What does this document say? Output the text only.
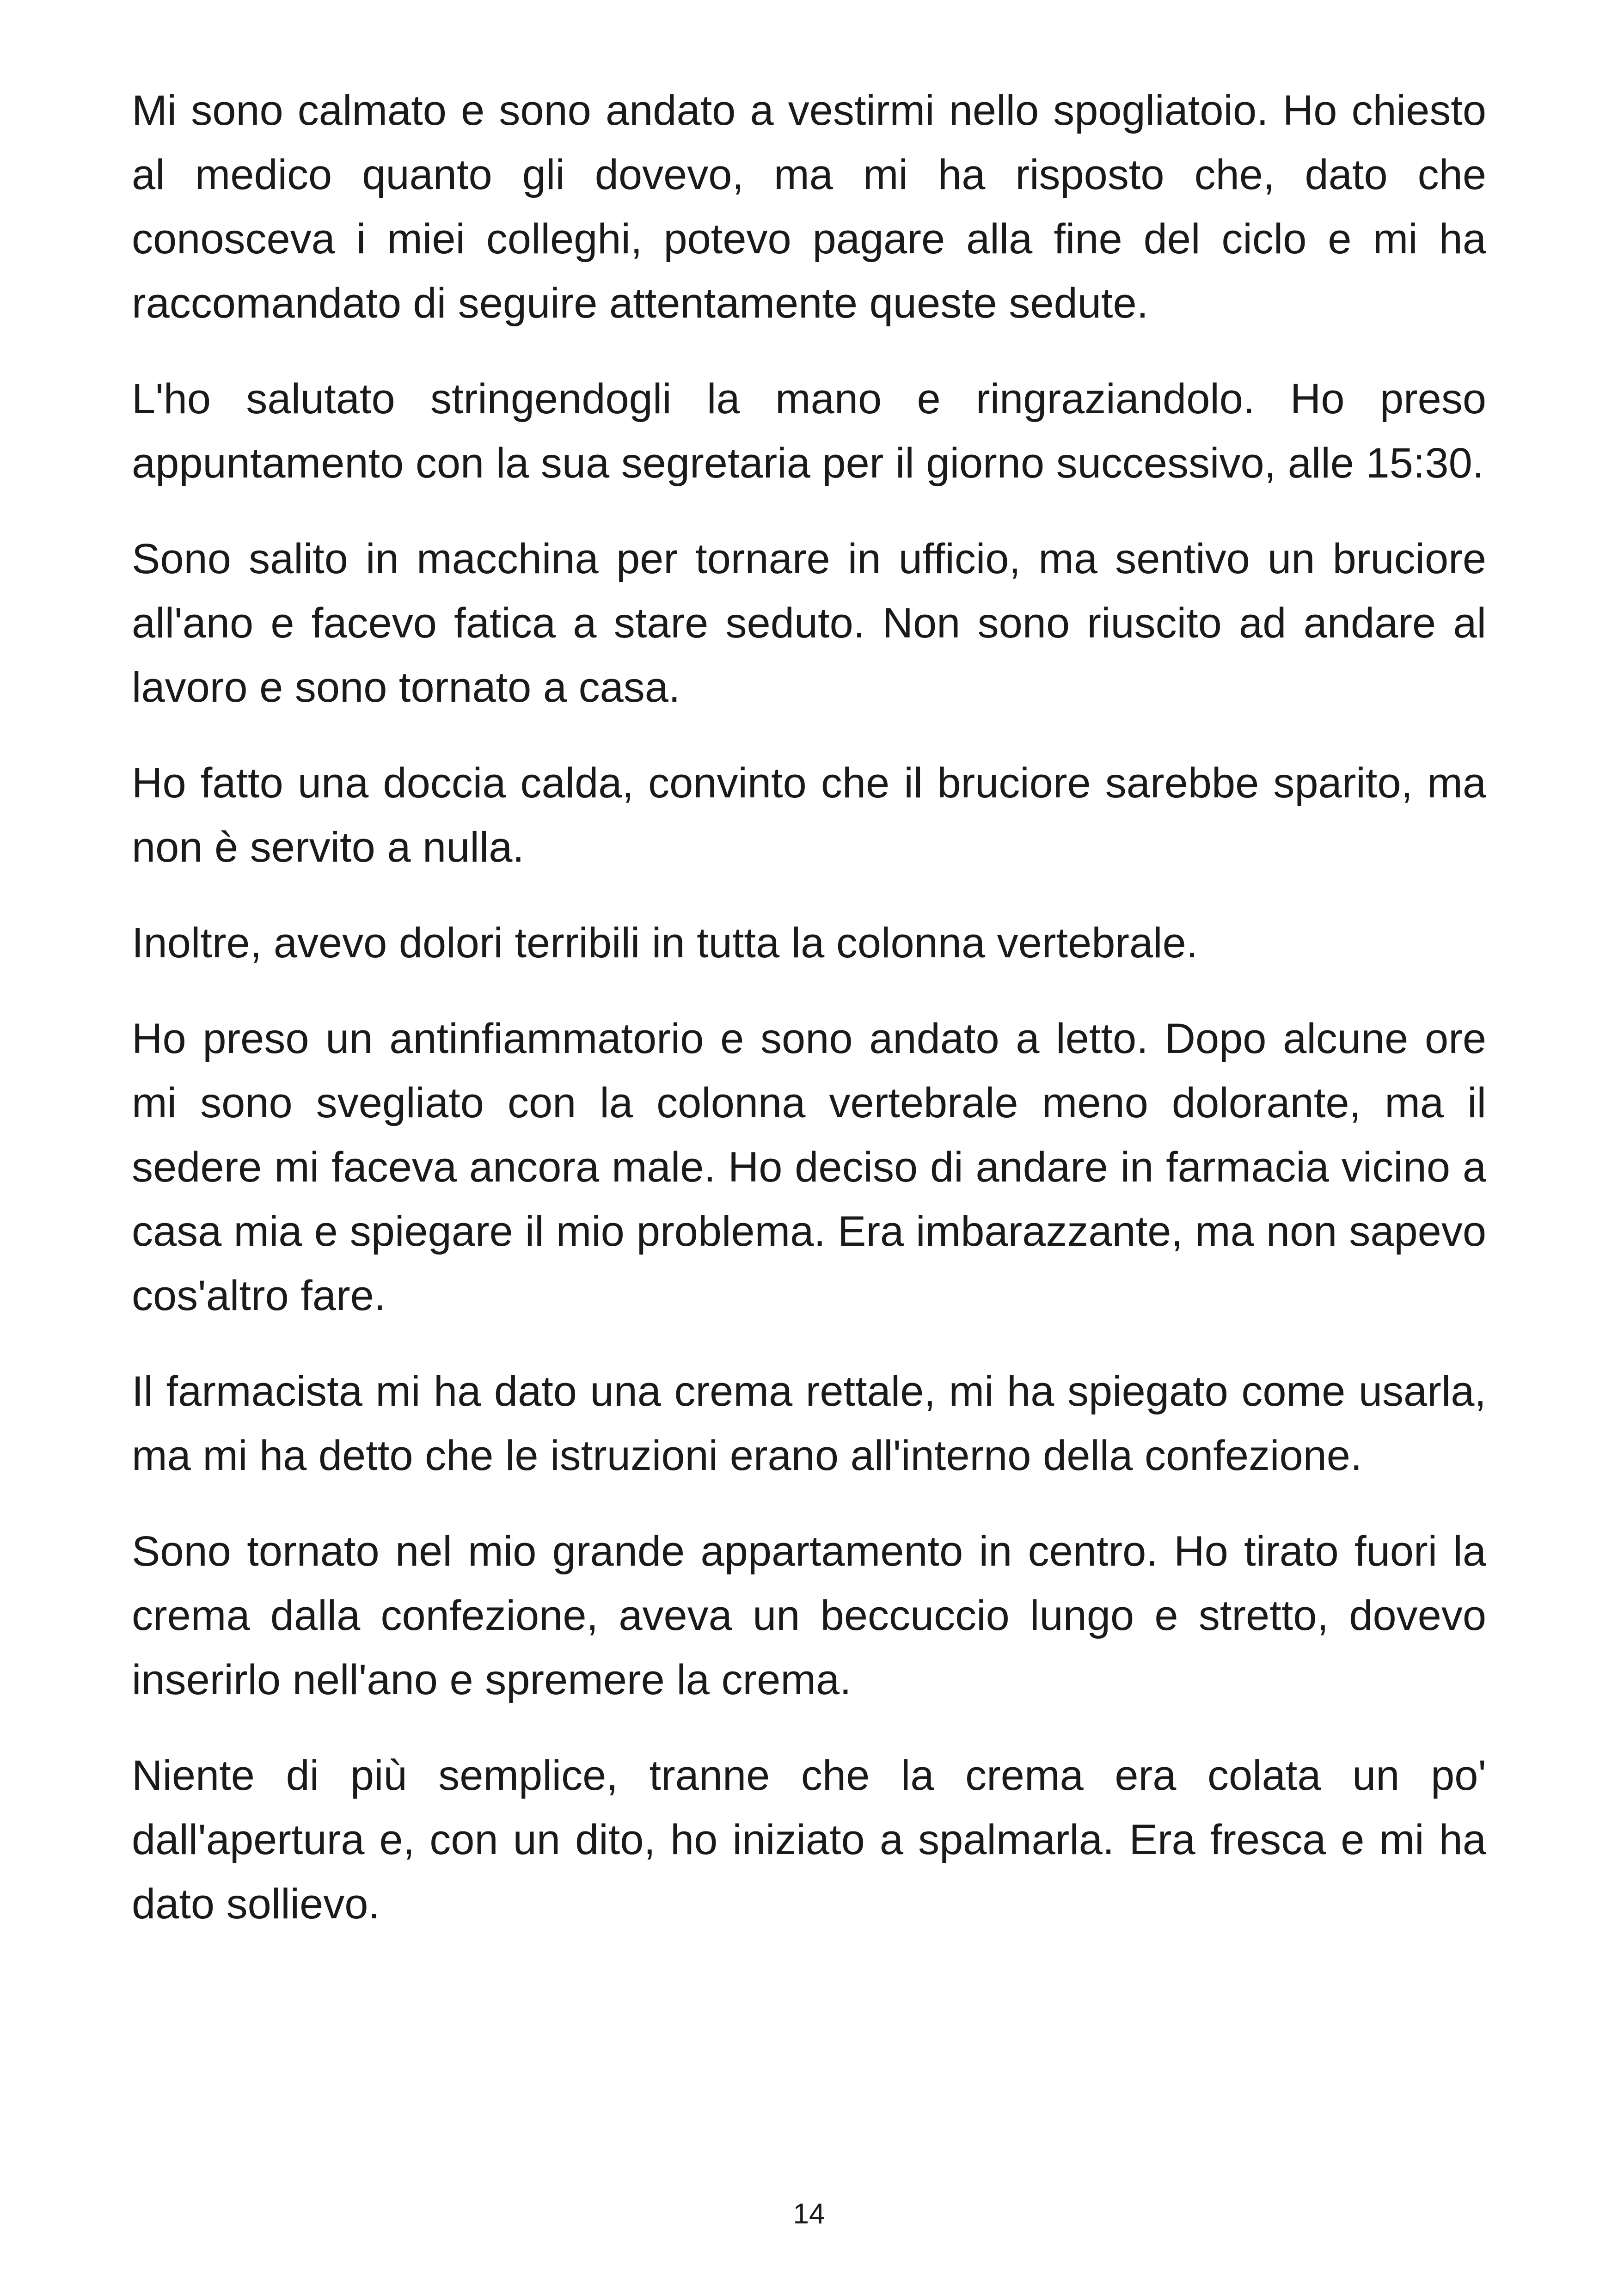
Mi sono calmato e sono andato a vestirmi nello spogliatoio. Ho chiesto al medico quanto gli dovevo, ma mi ha risposto che, dato che conosceva i miei colleghi, potevo pagare alla fine del ciclo e mi ha raccomandato di seguire attentamente queste sedute.

L'ho salutato stringendogli la mano e ringraziandolo. Ho preso appuntamento con la sua segretaria per il giorno successivo, alle 15:30.

Sono salito in macchina per tornare in ufficio, ma sentivo un bruciore all'ano e facevo fatica a stare seduto. Non sono riuscito ad andare al lavoro e sono tornato a casa.

Ho fatto una doccia calda, convinto che il bruciore sarebbe sparito, ma non è servito a nulla.

Inoltre, avevo dolori terribili in tutta la colonna vertebrale.

Ho preso un antinfiammatorio e sono andato a letto. Dopo alcune ore mi sono svegliato con la colonna vertebrale meno dolorante, ma il sedere mi faceva ancora male. Ho deciso di andare in farmacia vicino a casa mia e spiegare il mio problema. Era imbarazzante, ma non sapevo cos'altro fare.

Il farmacista mi ha dato una crema rettale, mi ha spiegato come usarla, ma mi ha detto che le istruzioni erano all'interno della confezione.

Sono tornato nel mio grande appartamento in centro. Ho tirato fuori la crema dalla confezione, aveva un beccuccio lungo e stretto, dovevo inserirlo nell'ano e spremere la crema.

Niente di più semplice, tranne che la crema era colata un po' dall'apertura e, con un dito, ho iniziato a spalmarla. Era fresca e mi ha dato sollievo.

14
